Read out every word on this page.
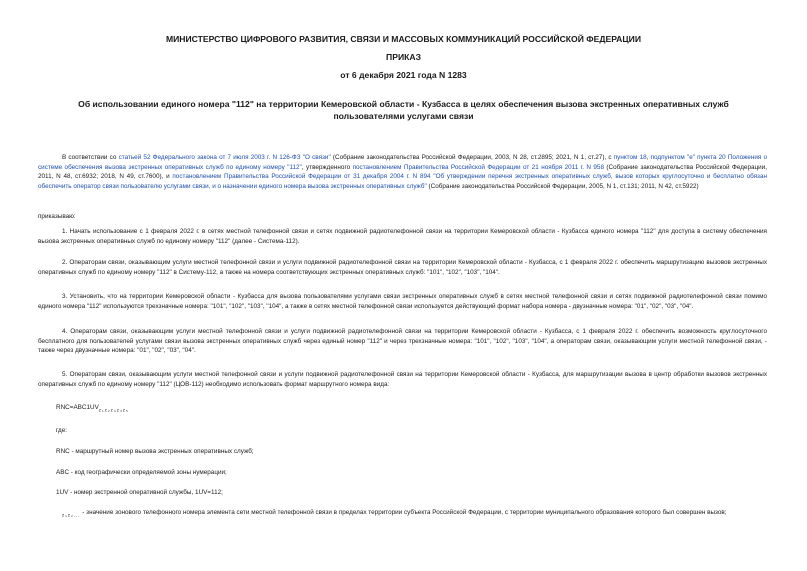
МИНИСТЕРСТВО ЦИФРОВОГО РАЗВИТИЯ, СВЯЗИ И МАССОВЫХ КОММУНИКАЦИЙ РОССИЙСКОЙ ФЕДЕРАЦИИ
ПРИКАЗ
от 6 декабря 2021 года N 1283
Об использовании единого номера "112" на территории Кемеровской области - Кузбасса в целях обеспечения вызова экстренных оперативных служб пользователями услугами связи
В соответствии со статьей 52 Федерального закона от 7 июля 2003 г. N 126-ФЗ "О связи" (Собрание законодательства Российской Федерации, 2003, N 28, ст.2895; 2021, N 1, ст.27), с пунктом 18, подпунктом "е" пункта 20 Положения о системе обеспечения вызова экстренных оперативных служб по единому номеру "112", утвержденного постановлением Правительства Российской Федерации от 21 ноября 2011 г. N 958 (Собрание законодательства Российской Федерации, 2011, N 48, ст.6932; 2018, N 49, ст.7600), и постановлением Правительства Российской Федерации от 31 декабря 2004 г. N 894 "Об утверждении перечня экстренных оперативных служб, вызов которых круглосуточно и бесплатно обязан обеспечить оператор связи пользователю услугами связи, и о назначении единого номера вызова экстренных оперативных служб" (Собрание законодательства Российской Федерации, 2005, N 1, ст.131; 2011, N 42, ст.5922)
приказываю:
1. Начать использование с 1 февраля 2022 г. в сетях местной телефонной связи и сетях подвижной радиотелефонной связи на территории Кемеровской области - Кузбасса единого номера "112" для доступа в систему обеспечения вызова экстренных оперативных служб по единому номеру "112" (далее - Система-112).
2. Операторам связи, оказывающим услуги местной телефонной связи и услуги подвижной радиотелефонной связи на территории Кемеровской области - Кузбасса, с 1 февраля 2022 г. обеспечить маршрутизацию вызовов экстренных оперативных служб по единому номеру "112" в Систему-112, а также на номера соответствующих экстренных оперативных служб: "101", "102", "103", "104".
3. Установить, что на территории Кемеровской области - Кузбасса для вызова пользователями услугами связи экстренных оперативных служб в сетях местной телефонной связи и сетях подвижной радиотелефонной связи помимо единого номера "112" используются трехзначные номера: "101", "102", "103", "104", а также в сетях местной телефонной связи используется действующий формат набора номера - двузначные номера: "01", "02", "03", "04".
4. Операторам связи, оказывающим услуги местной телефонной связи и услуги подвижной радиотелефонной связи на территории Кемеровской области - Кузбасса, с 1 февраля 2022 г. обеспечить возможность круглосуточного бесплатного для пользователей услугами связи вызова экстренных оперативных служб через единый номер "112" и через трехзначные номера: "101", "102", "103", "104", а операторам связи, оказывающим услуги местной телефонной связи, - также через двузначные номера: "01", "02", "03", "04".
5. Операторам связи, оказывающим услуги местной телефонной связи и услуги подвижной радиотелефонной связи на территории Кемеровской области - Кузбасса, для маршрутизации вызова в центр обработки вызовов экстренных оперативных служб по единому номеру "112" (ЦОВ-112) необходимо использовать формат маршрутного номера вида:
$RNC=ABC1UV_{z_1z_2z_3z_4z_5}$
где:
RNC - маршрутный номер вызова экстренных оперативных служб;
ABC - код географически определяемой зоны нумерации;
1UV - номер экстренной оперативной службы, 1UV=112;
$_{z_1z_2...}$ - значение зонового телефонного номера элемента сети местной телефонной связи в пределах территории субъекта Российской Федерации, с территории муниципального образования которого был совершен вызов;
